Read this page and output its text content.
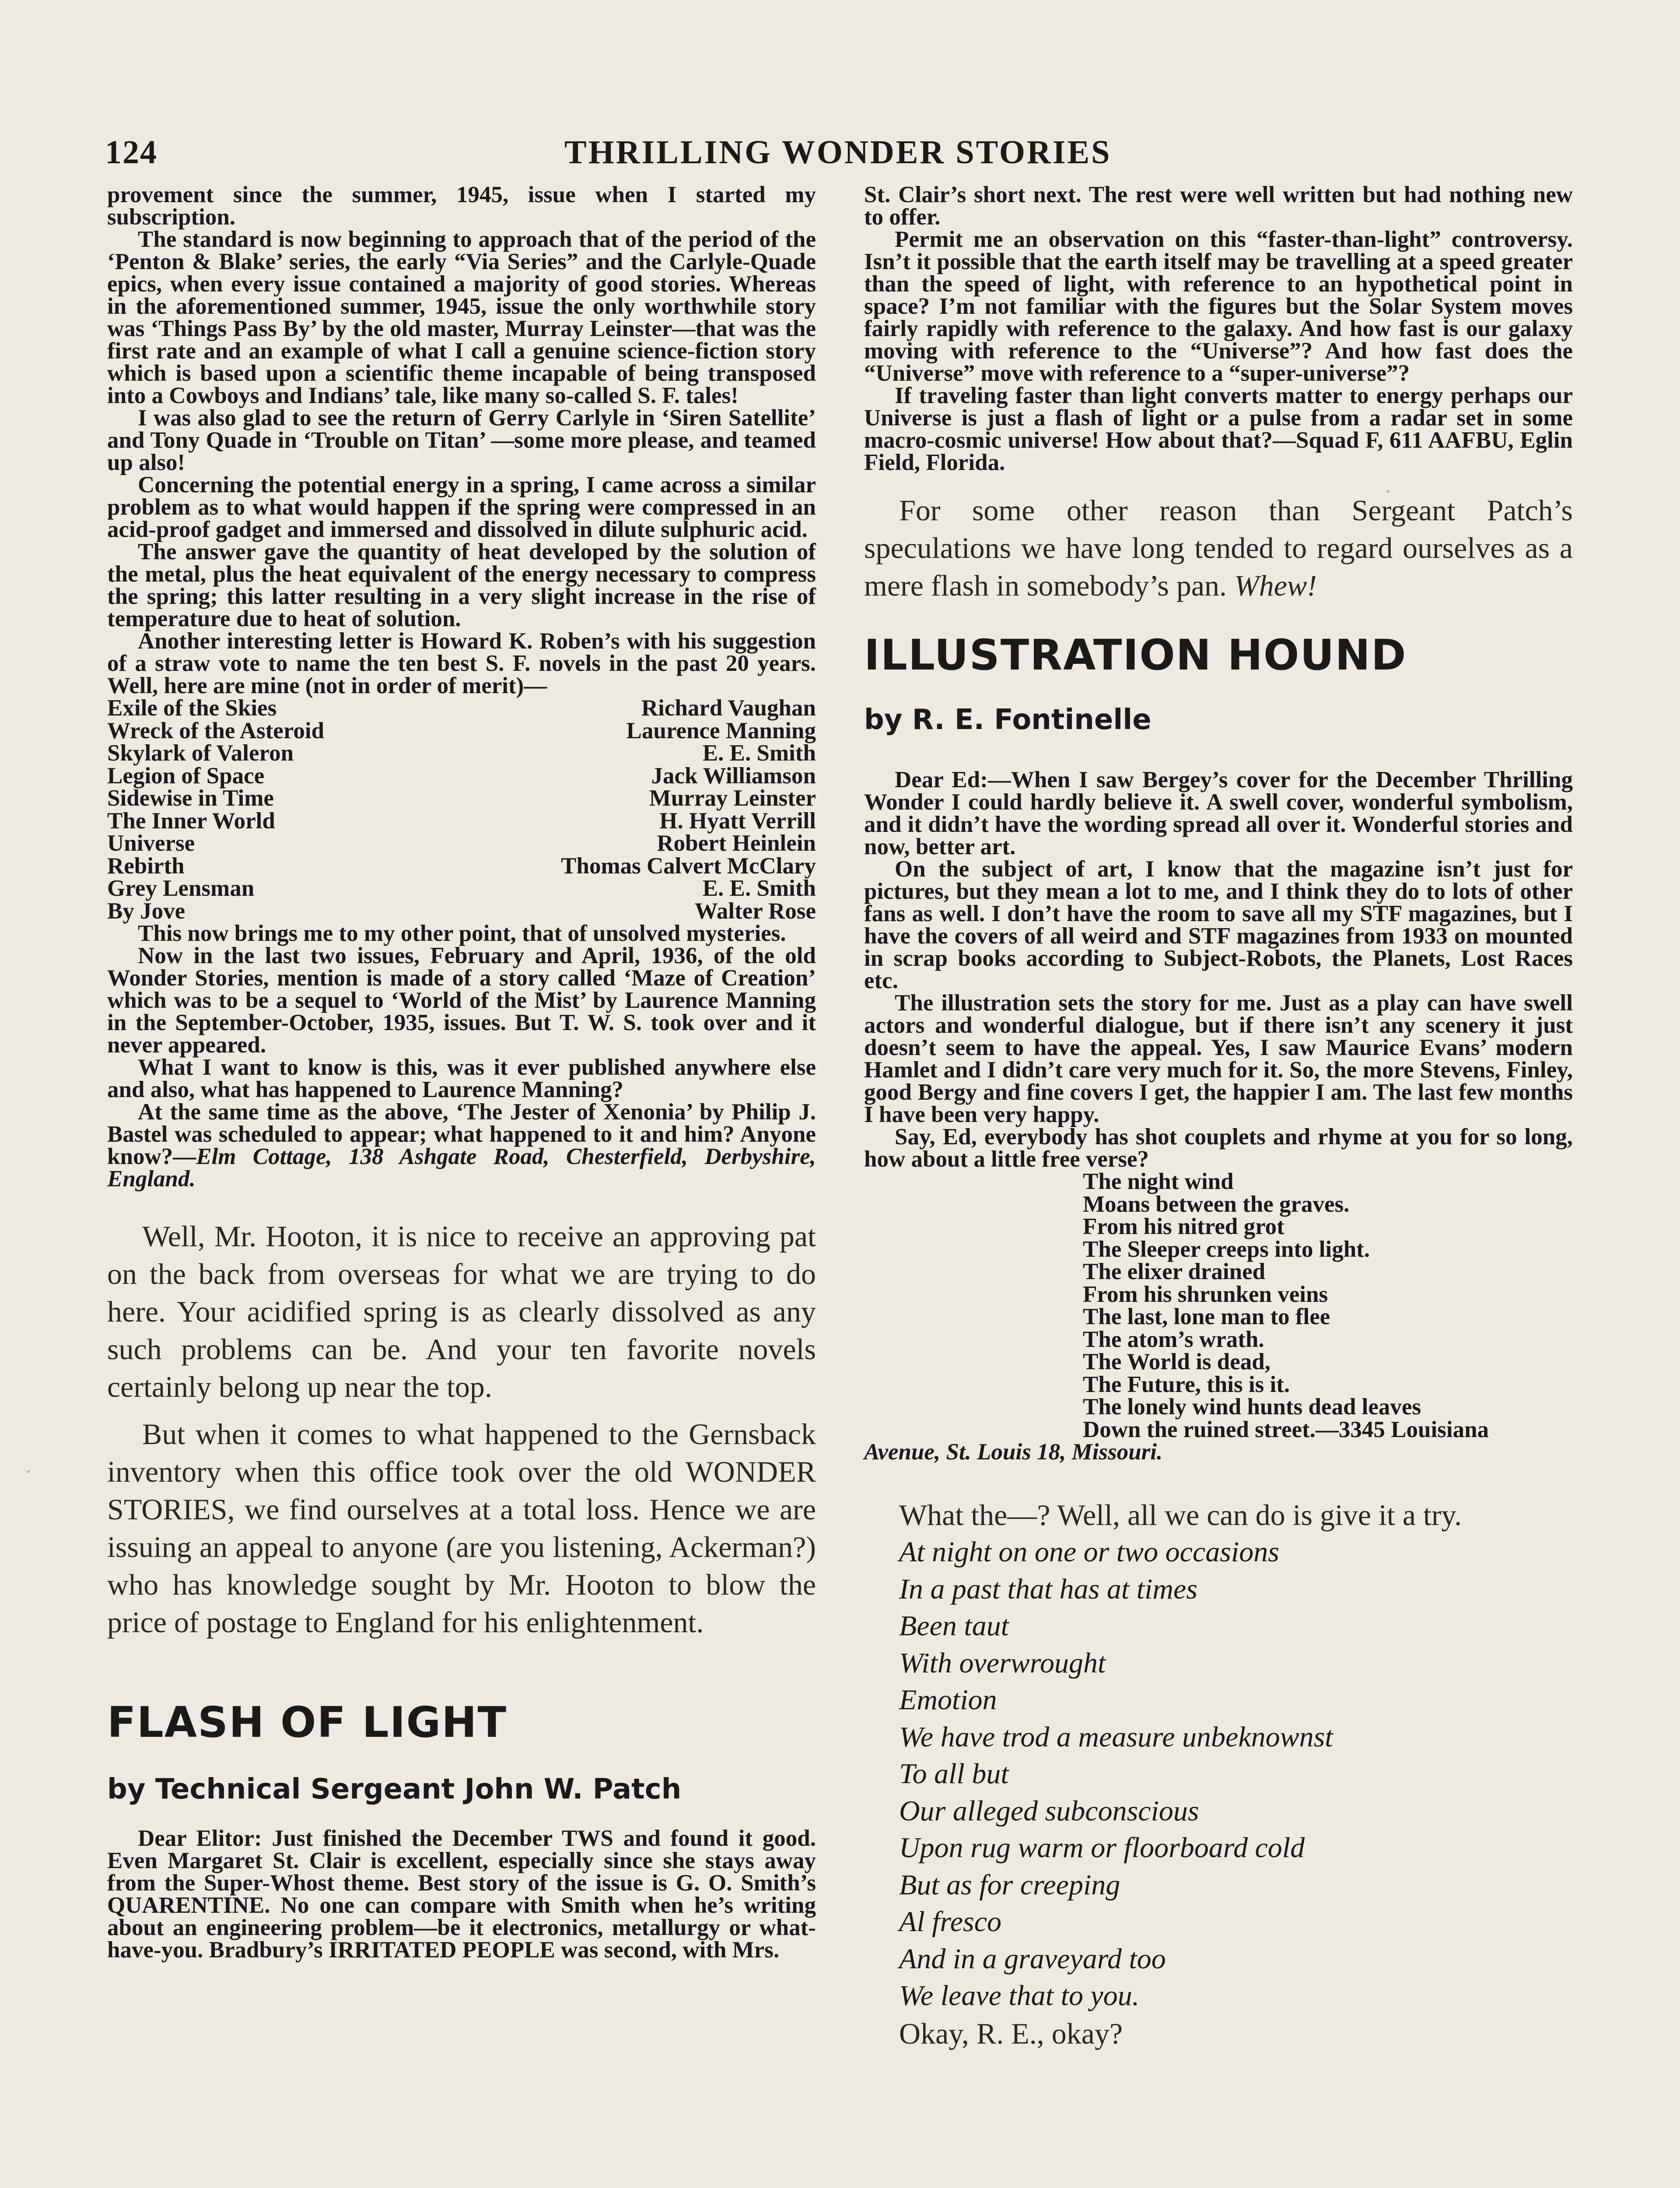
124	THRILLING WONDER STORIES

provement since the summer, 1945, issue when I started my subscription.

The standard is now beginning to approach that of the period of the ‘Penton & Blake’ series, the early “Via Series” and the Carlyle-Quade epics, when every issue contained a majority of good stories. Whereas in the aforementioned summer, 1945, issue the only worthwhile story was ‘Things Pass By’ by the old master, Murray Leinster—that was the first rate and an example of what I call a genuine science-fiction story which is based upon a scientific theme incapable of being transposed into a Cowboys and Indians’ tale, like many so-called S. F. tales!

I was also glad to see the return of Gerry Carlyle in ‘Siren Satellite’ and Tony Quade in ‘Trouble on Titan’ —some more please, and teamed up also!

Concerning the potential energy in a spring, I came across a similar problem as to what would happen if the spring were compressed in an acid-proof gadget and immersed and dissolved in dilute sulphuric acid.

The answer gave the quantity of heat developed by the solution of the metal, plus the heat equivalent of the energy necessary to compress the spring; this latter resulting in a very slight increase in the rise of temperature due to heat of solution.

Another interesting letter is Howard K. Roben’s with his suggestion of a straw vote to name the ten best S. F. novels in the past 20 years. Well, here are mine (not in order of merit)—

Exile of the Skies	Richard Vaughan
Wreck of the Asteroid	Laurence Manning
Skylark of Valeron	E. E. Smith
Legion of Space	Jack Williamson
Sidewise in Time	Murray Leinster
The Inner World	H. Hyatt Verrill
Universe	Robert Heinlein
Rebirth	Thomas Calvert McClary
Grey Lensman	E. E. Smith
By Jove	Walter Rose

This now brings me to my other point, that of unsolved mysteries.

Now in the last two issues, February and April, 1936, of the old Wonder Stories, mention is made of a story called ‘Maze of Creation’ which was to be a sequel to ‘World of the Mist’ by Laurence Manning in the September-October, 1935, issues. But T. W. S. took over and it never appeared.

What I want to know is this, was it ever published anywhere else and also, what has happened to Laurence Manning?

At the same time as the above, ‘The Jester of Xenonia’ by Philip J. Bastel was scheduled to appear; what happened to it and him? Anyone know?—Elm Cottage, 138 Ashgate Road, Chesterfield, Derbyshire, England.

Well, Mr. Hooton, it is nice to receive an approving pat on the back from overseas for what we are trying to do here. Your acidified spring is as clearly dissolved as any such problems can be. And your ten favorite novels certainly belong up near the top.

But when it comes to what happened to the Gernsback inventory when this office took over the old WONDER STORIES, we find ourselves at a total loss. Hence we are issuing an appeal to anyone (are you listening, Ackerman?) who has knowledge sought by Mr. Hooton to blow the price of postage to England for his enlightenment.

FLASH OF LIGHT

by Technical Sergeant John W. Patch

Dear Elitor: Just finished the December TWS and found it good. Even Margaret St. Clair is excellent, especially since she stays away from the Super-Whost theme. Best story of the issue is G. O. Smith’s QUARENTINE. No one can compare with Smith when he’s writing about an engineering problem—be it electronics, metallurgy or what-have-you. Bradbury’s IRRITATED PEOPLE was second, with Mrs.

St. Clair’s short next. The rest were well written but had nothing new to offer.

Permit me an observation on this “faster-than-light” controversy. Isn’t it possible that the earth itself may be travelling at a speed greater than the speed of light, with reference to an hypothetical point in space? I’m not familiar with the figures but the Solar System moves fairly rapidly with reference to the galaxy. And how fast is our galaxy moving with reference to the “Universe”? And how fast does the “Universe” move with reference to a “super-universe”?

If traveling faster than light converts matter to energy perhaps our Universe is just a flash of light or a pulse from a radar set in some macro-cosmic universe! How about that?—Squad F, 611 AAFBU, Eglin Field, Florida.

For some other reason than Sergeant Patch’s speculations we have long tended to regard ourselves as a mere flash in somebody’s pan. Whew!

ILLUSTRATION HOUND

by R. E. Fontinelle

Dear Ed:—When I saw Bergey’s cover for the December Thrilling Wonder I could hardly believe it. A swell cover, wonderful symbolism, and it didn’t have the wording spread all over it. Wonderful stories and now, better art.

On the subject of art, I know that the magazine isn’t just for pictures, but they mean a lot to me, and I think they do to lots of other fans as well. I don’t have the room to save all my STF magazines, but I have the covers of all weird and STF magazines from 1933 on mounted in scrap books according to Subject-Robots, the Planets, Lost Races etc.

The illustration sets the story for me. Just as a play can have swell actors and wonderful dialogue, but if there isn’t any scenery it just doesn’t seem to have the appeal. Yes, I saw Maurice Evans’ modern Hamlet and I didn’t care very much for it. So, the more Stevens, Finley, good Bergy and fine covers I get, the happier I am. The last few months I have been very happy.

Say, Ed, everybody has shot couplets and rhyme at you for so long, how about a little free verse?

The night wind
Moans between the graves.
From his nitred grot
The Sleeper creeps into light.
The elixer drained
From his shrunken veins
The last, lone man to flee
The atom’s wrath.
The World is dead,
The Future, this is it.
The lonely wind hunts dead leaves
Down the ruined street.—3345 Louisiana

Avenue, St. Louis 18, Missouri.

What the—? Well, all we can do is give it a try.

At night on one or two occasions
In a past that has at times
Been taut
With overwrought
Emotion
We have trod a measure unbeknownst
To all but
Our alleged subconscious
Upon rug warm or floorboard cold
But as for creeping
Al fresco
And in a graveyard too
We leave that to you.

Okay, R. E., okay?
